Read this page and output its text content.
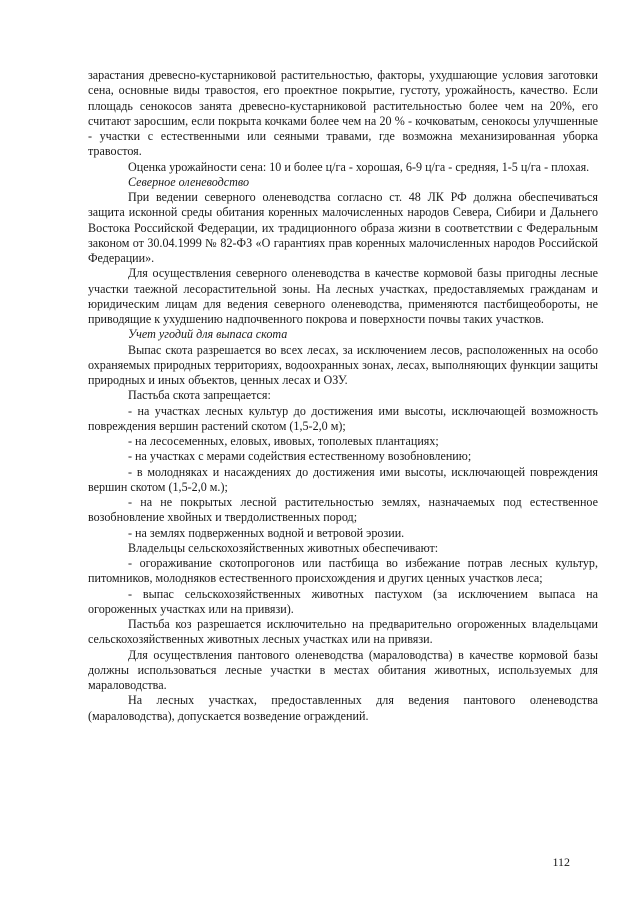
зарастания древесно-кустарниковой растительностью, факторы, ухудшающие условия заготовки сена, основные виды травостоя, его проектное покрытие, густоту, урожайность, качество. Если площадь сенокосов занята древесно-кустарниковой растительностью более чем на 20%, его считают заросшим, если покрыта кочками более чем на 20 % - кочковатым, сенокосы улучшенные - участки с естественными или сеяными травами, где возможна механизированная уборка травостоя.

Оценка урожайности сена: 10 и более ц/га - хорошая, 6-9 ц/га - средняя, 1-5 ц/га - плохая.

Северное оленеводство

При ведении северного оленеводства согласно ст. 48 ЛК РФ должна обеспечиваться защита исконной среды обитания коренных малочисленных народов Севера, Сибири и Дальнего Востока Российской Федерации, их традиционного образа жизни в соответствии с Федеральным законом от 30.04.1999 № 82-ФЗ «О гарантиях прав коренных малочисленных народов Российской Федерации».

Для осуществления северного оленеводства в качестве кормовой базы пригодны лесные участки таежной лесорастительной зоны. На лесных участках, предоставляемых гражданам и юридическим лицам для ведения северного оленеводства, применяются пастбищеобороты, не приводящие к ухудшению надпочвенного покрова и поверхности почвы таких участков.

Учет угодий для выпаса скота

Выпас скота разрешается во всех лесах, за исключением лесов, расположенных на особо охраняемых природных территориях, водоохранных зонах, лесах, выполняющих функции защиты природных и иных объектов, ценных лесах и ОЗУ.

Пастьба скота запрещается:

- на участках лесных культур до достижения ими высоты, исключающей возможность повреждения вершин растений скотом (1,5-2,0 м);

- на лесосеменных, еловых, ивовых, тополевых плантациях;

- на участках с мерами содействия естественному возобновлению;

- в молодняках и насаждениях до достижения ими высоты, исключающей повреждения вершин скотом (1,5-2,0 м.);

- на не покрытых лесной растительностью землях, назначаемых под естественное возобновление хвойных и твердолиственных пород;

- на землях подверженных водной и ветровой эрозии.

Владельцы сельскохозяйственных животных обеспечивают:

- огораживание скотопрогонов или пастбища во избежание потрав лесных культур, питомников, молодняков естественного происхождения и других ценных участков леса;

- выпас сельскохозяйственных животных пастухом (за исключением выпаса на огороженных участках или на привязи).

Пастьба коз разрешается исключительно на предварительно огороженных владельцами сельскохозяйственных животных лесных участках или на привязи.

Для осуществления пантового оленеводства (мараловодства) в качестве кормовой базы должны использоваться лесные участки в местах обитания животных, используемых для мараловодства.

На лесных участках, предоставленных для ведения пантового оленеводства (мараловодства), допускается возведение ограждений.

112
